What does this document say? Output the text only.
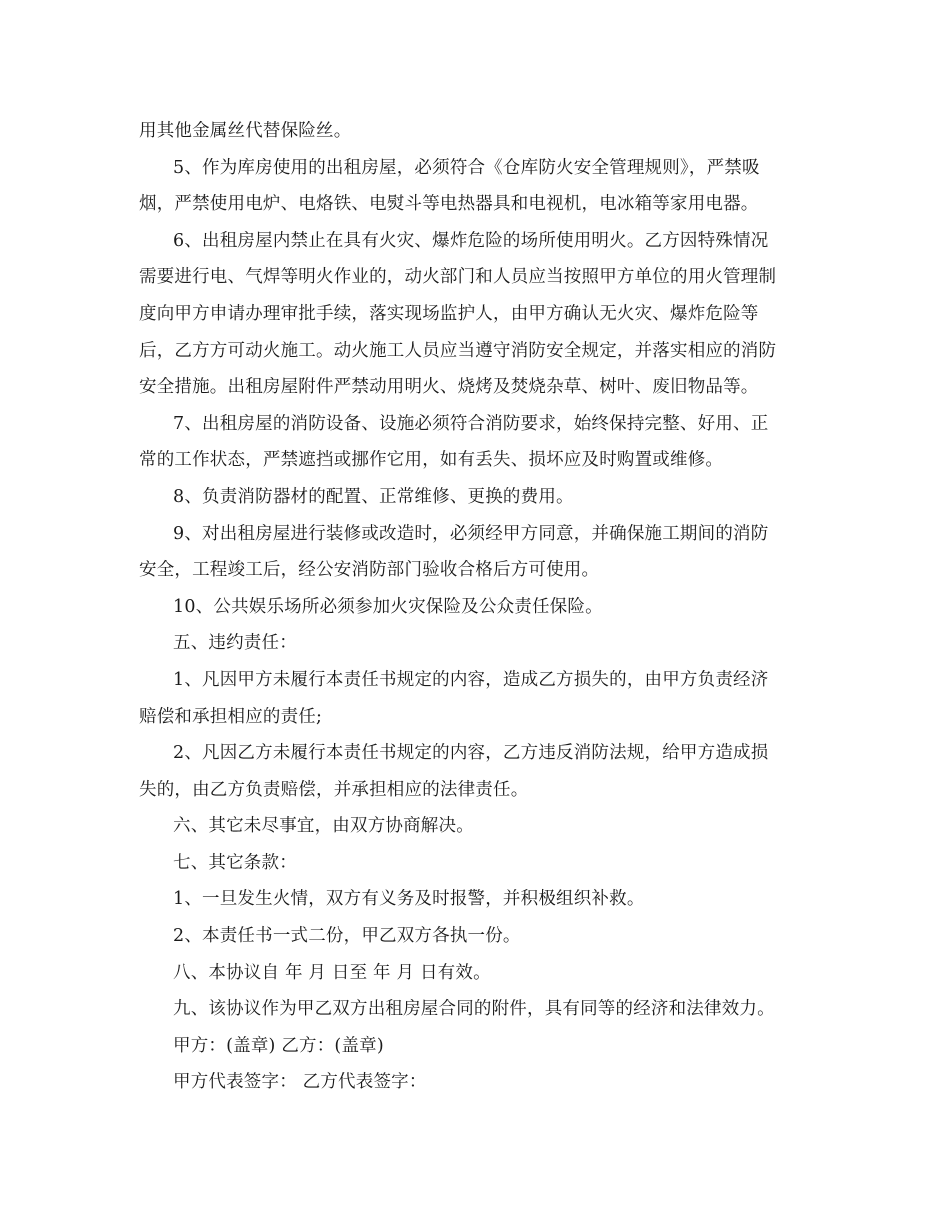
用其他金属丝代替保险丝。
5、作为库房使用的出租房屋，必须符合《仓库防火安全管理规则》，严禁吸
烟，严禁使用电炉、电烙铁、电熨斗等电热器具和电视机，电冰箱等家用电器。
6、出租房屋内禁止在具有火灾、爆炸危险的场所使用明火。乙方因特殊情况
需要进行电、气焊等明火作业的，动火部门和人员应当按照甲方单位的用火管理制
度向甲方申请办理审批手续，落实现场监护人，由甲方确认无火灾、爆炸危险等
后，乙方方可动火施工。动火施工人员应当遵守消防安全规定，并落实相应的消防
安全措施。出租房屋附件严禁动用明火、烧烤及焚烧杂草、树叶、废旧物品等。
7、出租房屋的消防设备、设施必须符合消防要求，始终保持完整、好用、正
常的工作状态，严禁遮挡或挪作它用，如有丢失、损坏应及时购置或维修。
8、负责消防器材的配置、正常维修、更换的费用。
9、对出租房屋进行装修或改造时，必须经甲方同意，并确保施工期间的消防
安全，工程竣工后，经公安消防部门验收合格后方可使用。
10、公共娱乐场所必须参加火灾保险及公众责任保险。
五、违约责任：
1、凡因甲方未履行本责任书规定的内容，造成乙方损失的，由甲方负责经济
赔偿和承担相应的责任;
2、凡因乙方未履行本责任书规定的内容，乙方违反消防法规，给甲方造成损
失的，由乙方负责赔偿，并承担相应的法律责任。
六、其它未尽事宜，由双方协商解决。
七、其它条款：
1、一旦发生火情，双方有义务及时报警，并积极组织补救。
2、本责任书一式二份，甲乙双方各执一份。
八、本协议自 年 月 日至 年 月 日有效。
九、该协议作为甲乙双方出租房屋合同的附件，具有同等的经济和法律效力。
甲方：(盖章) 乙方：(盖章)
甲方代表签字： 乙方代表签字：
